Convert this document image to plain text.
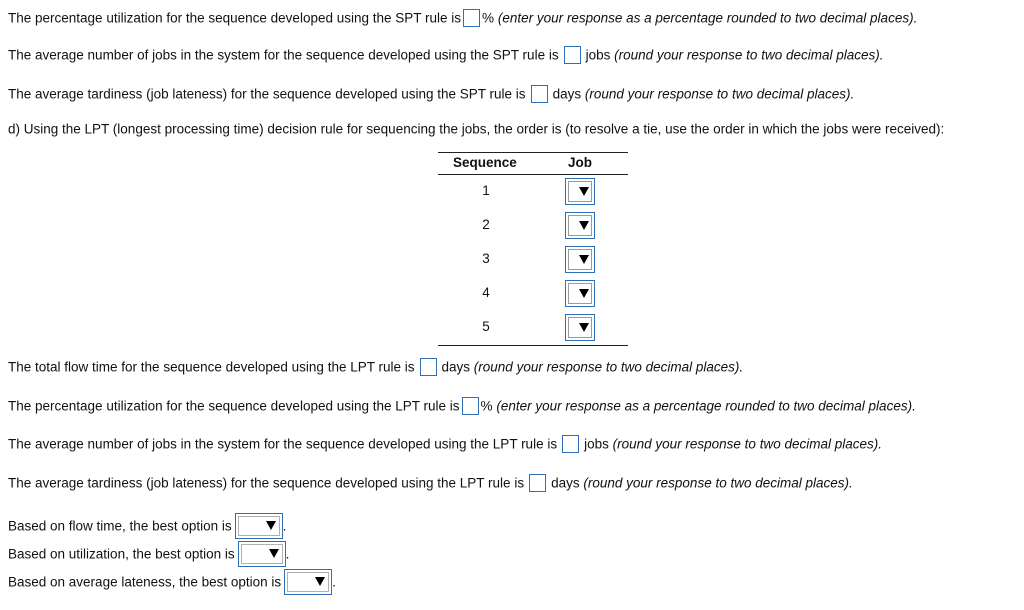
The percentage utilization for the sequence developed using the SPT rule is % (enter your response as a percentage rounded to two decimal places).
The average number of jobs in the system for the sequence developed using the SPT rule is jobs (round your response to two decimal places).
The average tardiness (job lateness) for the sequence developed using the SPT rule is days (round your response to two decimal places).
d) Using the LPT (longest processing time) decision rule for sequencing the jobs, the order is (to resolve a tie, use the order in which the jobs were received):
Sequence	Job
1
2
3
4
5
The total flow time for the sequence developed using the LPT rule is days (round your response to two decimal places).
The percentage utilization for the sequence developed using the LPT rule is % (enter your response as a percentage rounded to two decimal places).
The average number of jobs in the system for the sequence developed using the LPT rule is jobs (round your response to two decimal places).
The average tardiness (job lateness) for the sequence developed using the LPT rule is days (round your response to two decimal places).
Based on flow time, the best option is	.
Based on utilization, the best option is	.
Based on average lateness, the best option is	.
